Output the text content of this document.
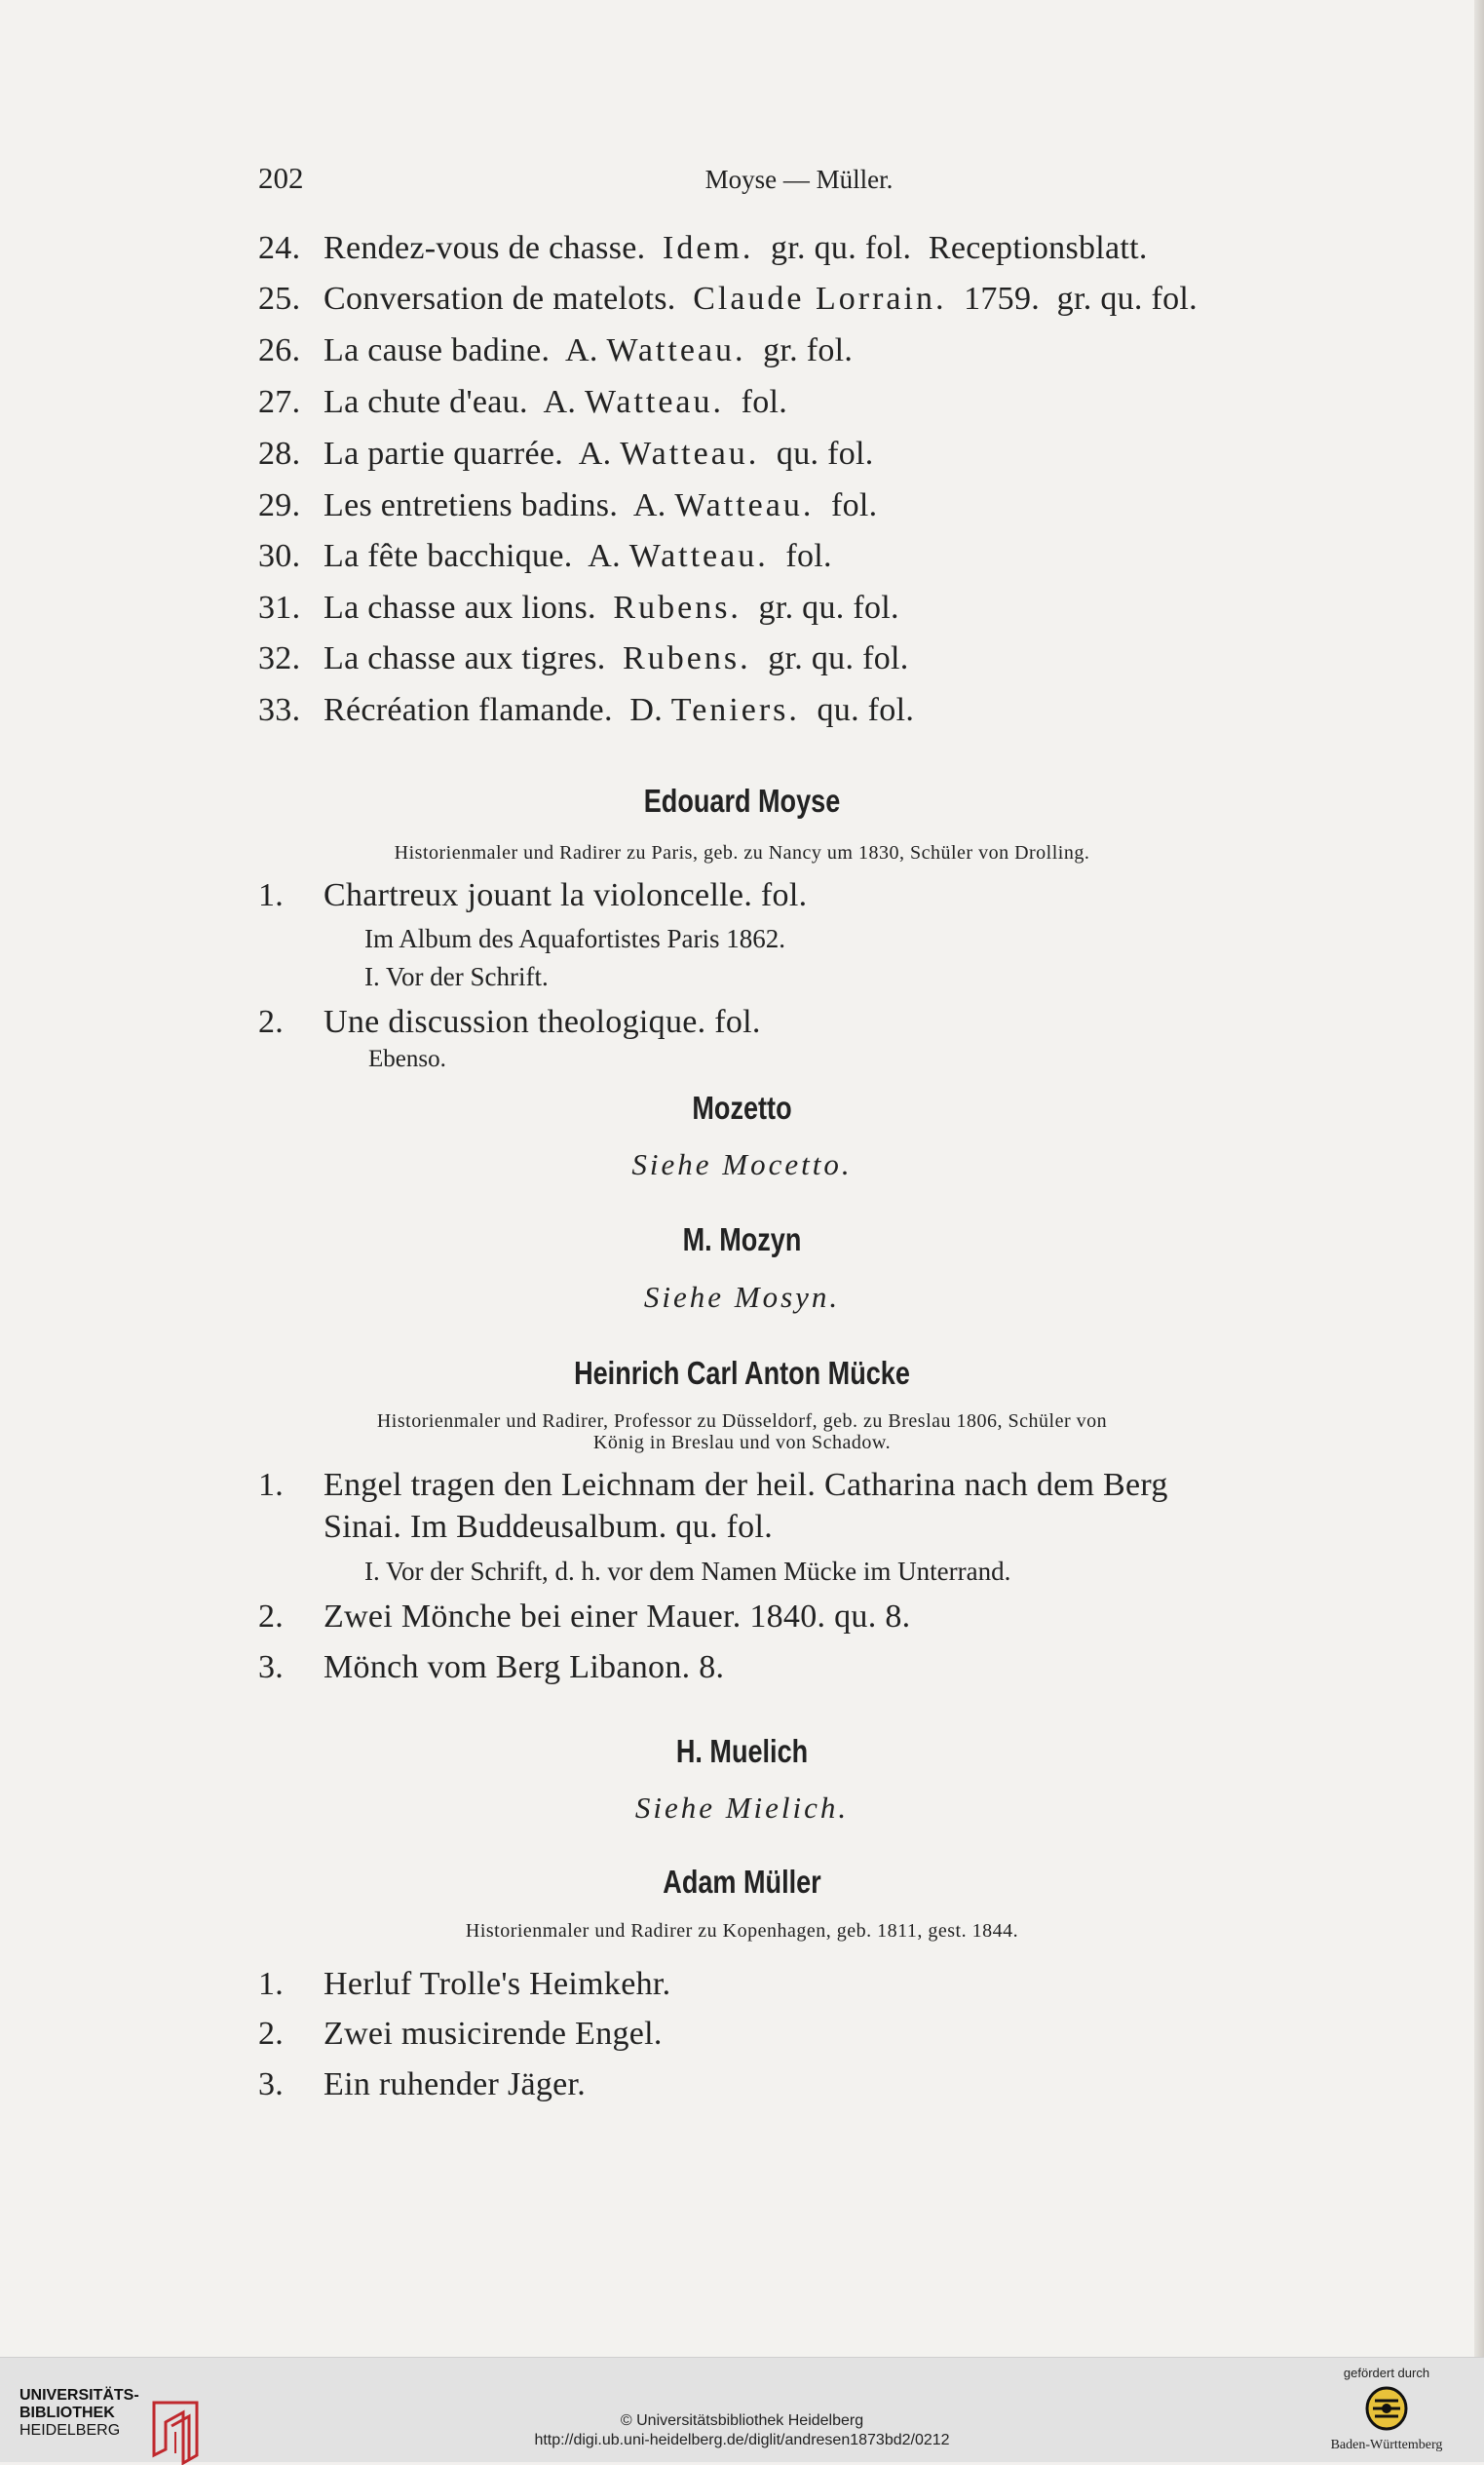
202	Moyse — Müller.
24. Rendez-vous de chasse.  Idem.  gr. qu. fol.  Receptionsblatt.
25. Conversation de matelots.  Claude Lorrain.  1759.  gr. qu. fol.
26. La cause badine.  A. Watteau.  gr. fol.
27. La chute d'eau.  A. Watteau.  fol.
28. La partie quarrée.  A. Watteau.  qu. fol.
29. Les entretiens badins.  A. Watteau.  fol.
30. La fête bacchique.  A. Watteau.  fol.
31. La chasse aux lions.  Rubens.  gr. qu. fol.
32. La chasse aux tigres.  Rubens.  gr. qu. fol.
33. Récréation flamande.  D. Teniers.  qu. fol.
Edouard Moyse
Historienmaler und Radirer zu Paris, geb. zu Nancy um 1830, Schüler von Drolling.
1. Chartreux jouant la violoncelle. fol.
Im Album des Aquafortistes Paris 1862.
I. Vor der Schrift.
2. Une discussion theologique. fol.
Ebenso.
Mozetto
Siehe Mocetto.
M. Mozyn
Siehe Mosyn.
Heinrich Carl Anton Mücke
Historienmaler und Radirer, Professor zu Düsseldorf, geb. zu Breslau 1806, Schüler von
König in Breslau und von Schadow.
1. Engel tragen den Leichnam der heil. Catharina nach dem Berg
Sinai. Im Buddeusalbum. qu. fol.
I. Vor der Schrift, d. h. vor dem Namen Mücke im Unterrand.
2. Zwei Mönche bei einer Mauer. 1840. qu. 8.
3. Mönch vom Berg Libanon. 8.
H. Muelich
Siehe Mielich.
Adam Müller
Historienmaler und Radirer zu Kopenhagen, geb. 1811, gest. 1844.
1. Herluf Trolle's Heimkehr.
2. Zwei musicirende Engel.
3. Ein ruhender Jäger.
UNIVERSITÄTS-
BIBLIOTHEK
HEIDELBERG
© Universitätsbibliothek Heidelberg
http://digi.ub.uni-heidelberg.de/diglit/andresen1873bd2/0212
gefördert durch
Baden-Württemberg
